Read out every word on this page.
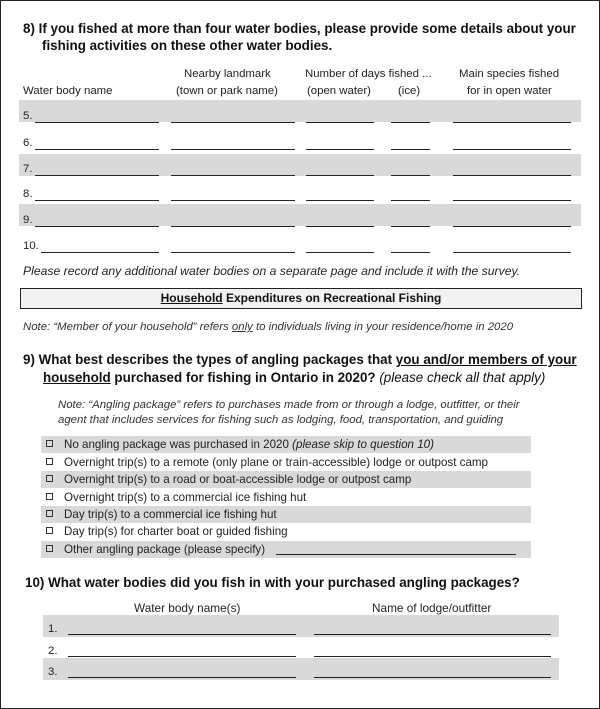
8) If you fished at more than four water bodies, please provide some details about your
fishing activities on these other water bodies.
Nearby landmark
(town or park name)
Number of days fished ...
(open water) (ice)
Main species fished
for in open water
Water body name
5.
6.
7.
8.
9.
10.
Please record any additional water bodies on a separate page and include it with the survey.
Household Expenditures on Recreational Fishing
Note: “Member of your household” refers only to individuals living in your residence/home in 2020
9) What best describes the types of angling packages that you and/or members of your
household purchased for fishing in Ontario in 2020? (please check all that apply)
Note: “Angling package” refers to purchases made from or through a lodge, outfitter, or their
agent that includes services for fishing such as lodging, food, transportation, and guiding
No angling package was purchased in 2020 (please skip to question 10)
Overnight trip(s) to a remote (only plane or train-accessible) lodge or outpost camp
Overnight trip(s) to a road or boat-accessible lodge or outpost camp
Overnight trip(s) to a commercial ice fishing hut
Day trip(s) to a commercial ice fishing hut
Day trip(s) for charter boat or guided fishing
Other angling package (please specify)
10) What water bodies did you fish in with your purchased angling packages?
Water body name(s)	Name of lodge/outfitter
1.
2.
3.
